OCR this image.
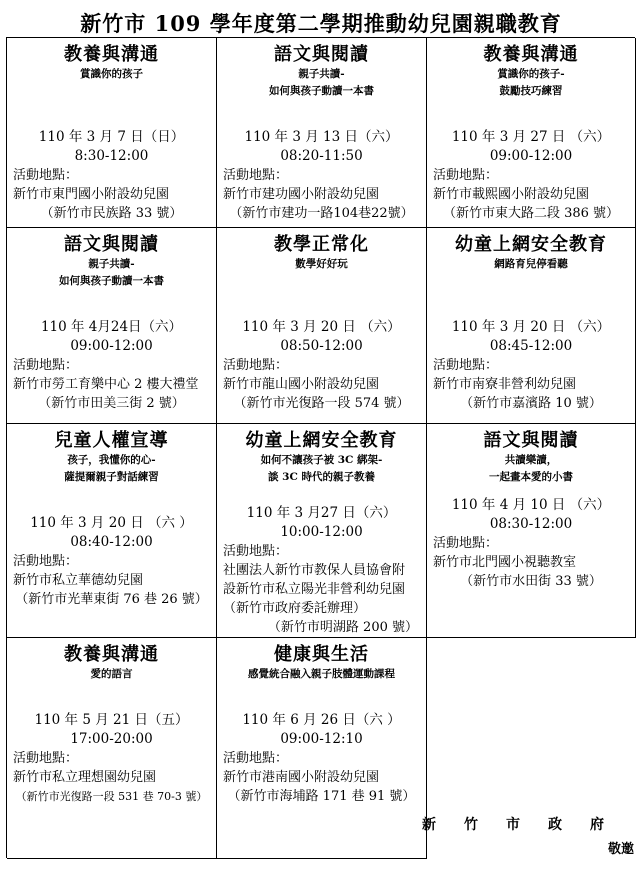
新竹市 109 學年度第二學期推動幼兒園親職教育
教養與溝通
賞識你的孩子
110 年 3 月 7 日（日）
8:30-12:00
活動地點：
新竹市東門國小附設幼兒園
（新竹市民族路 33 號）
語文與閱讀
親子共讀-
如何與孩子動讀一本書
110 年 3 月 13 日（六）
08:20-11:50
活動地點：
新竹市建功國小附設幼兒園
（新竹市建功一路104巷22號）
教養與溝通
賞識你的孩子-
鼓勵技巧練習
110 年 3 月 27 日 （六）
09:00-12:00
活動地點：
新竹市載熙國小附設幼兒園
（新竹市東大路二段 386 號）
語文與閱讀
親子共讀-
如何與孩子動讀一本書
110 年 4月24日（六）
09:00-12:00
活動地點：
新竹市勞工育樂中心 2 樓大禮堂
（新竹市田美三街 2 號）
教學正常化
數學好好玩
110 年 3 月 20 日 （六）
08:50-12:00
活動地點：
新竹市龍山國小附設幼兒園
（新竹市光復路一段 574 號）
幼童上網安全教育
網路育兒停看聽
110 年 3 月 20 日 （六）
08:45-12:00
活動地點：
新竹市南寮非營利幼兒園
（新竹市嘉濱路 10 號）
兒童人權宣導
孩子，我懂你的心-
薩提爾親子對話練習
110 年 3 月 20 日 （六 ）
08:40-12:00
活動地點：
新竹市私立華德幼兒園
（新竹市光華東街 76 巷 26 號）
幼童上網安全教育
如何不讓孩子被 3C 綁架-
談 3C 時代的親子教養
110 年 3 月27 日（六）
10:00-12:00
活動地點：
社團法人新竹市教保人員協會附
設新竹市私立陽光非營利幼兒園
（新竹市政府委託辦理）
（新竹市明湖路 200 號）
語文與閱讀
共讀樂讀，
一起畫本愛的小書
110 年 4 月 10 日 （六）
08:30-12:00
活動地點：
新竹市北門國小視聽教室
（新竹市水田街 33 號）
教養與溝通
愛的語言
110 年 5 月 21 日（五）
17:00-20:00
活動地點：
新竹市私立理想園幼兒園
（新竹市光復路一段 531 巷 70-3 號）
健康與生活
感覺統合融入親子肢體運動課程
110 年 6 月 26 日（六 ）
09:00-12:10
活動地點：
新竹市港南國小附設幼兒園
（新竹市海埔路 171 巷 91 號）
新竹市政府
敬邀
